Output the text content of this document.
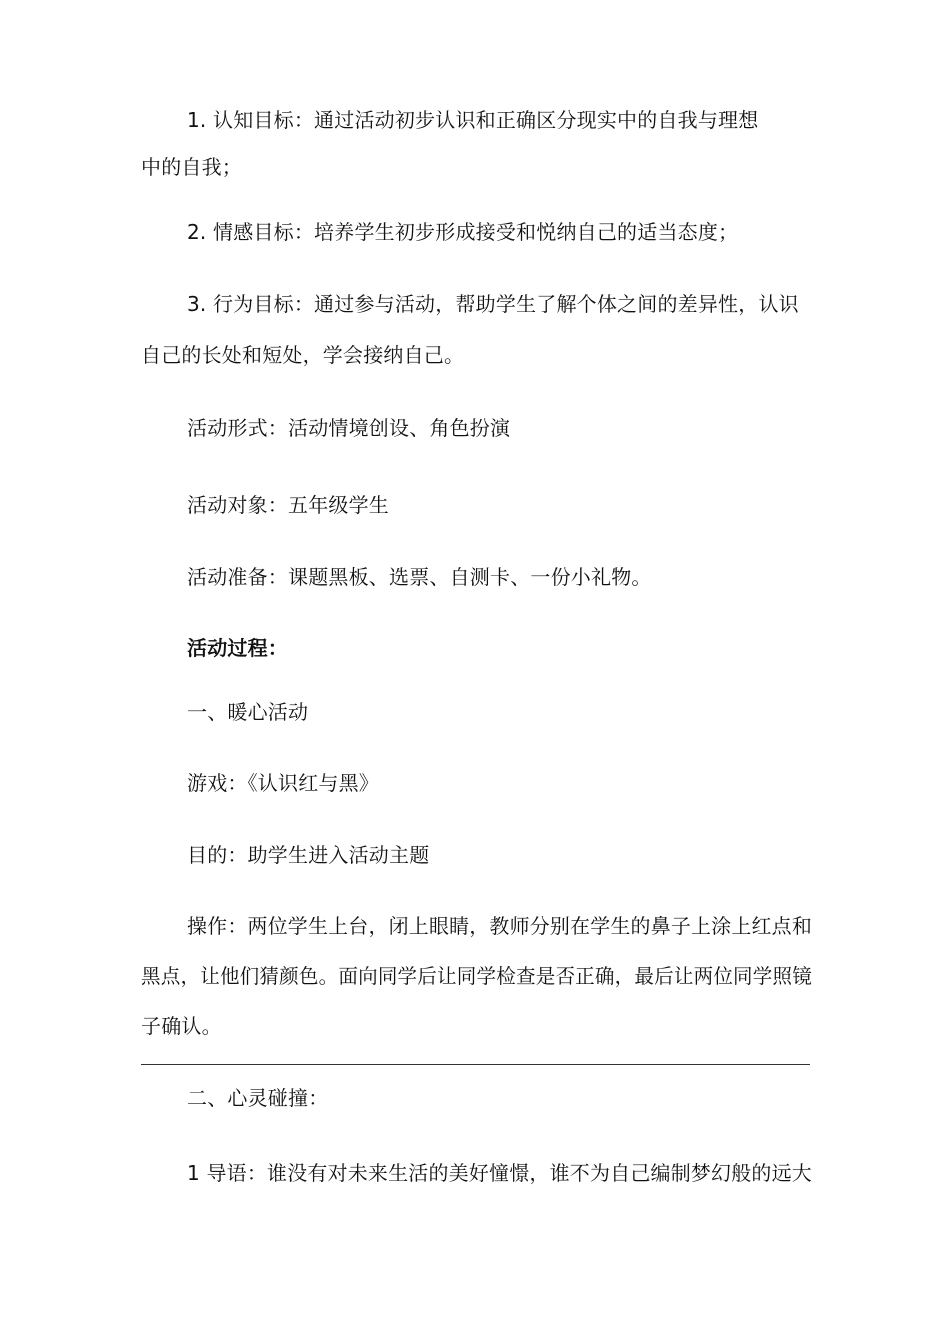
1. 认知目标：通过活动初步认识和正确区分现实中的自我与理想
中的自我；
2. 情感目标：培养学生初步形成接受和悦纳自己的适当态度；
3. 行为目标：通过参与活动，帮助学生了解个体之间的差异性，认识
自己的长处和短处，学会接纳自己。
活动形式：活动情境创设、角色扮演
活动对象：五年级学生
活动准备：课题黑板、选票、自测卡、一份小礼物。
活动过程：
一、暖心活动
游戏：《认识红与黑》
目的：助学生进入活动主题
操作：两位学生上台，闭上眼睛，教师分别在学生的鼻子上涂上红点和
黑点，让他们猜颜色。面向同学后让同学检查是否正确，最后让两位同学照镜
子确认。
二、心灵碰撞：
1 导语：谁没有对未来生活的美好憧憬，谁不为自己编制梦幻般的远大
